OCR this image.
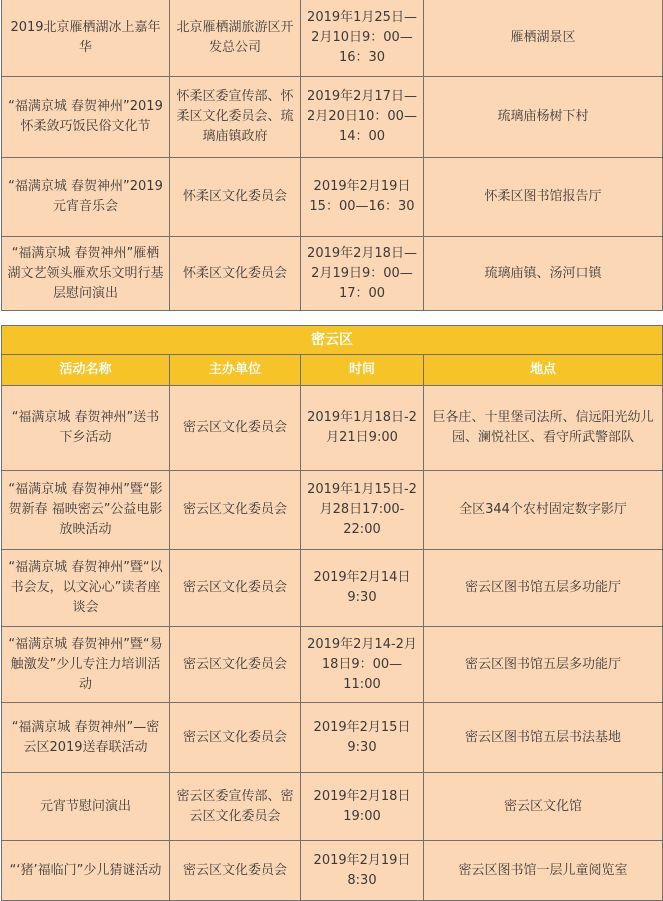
2019北京雁栖湖冰上嘉年华	北京雁栖湖旅游区开发总公司	2019年1月25日—2月10日9：00—16：30	雁栖湖景区
“福满京城 春贺神州”2019怀柔敛巧饭民俗文化节	怀柔区委宣传部、怀柔区文化委员会、琉璃庙镇政府	2019年2月17日—2月20日10：00—14：00	琉璃庙杨树下村
“福满京城 春贺神州”2019元宵音乐会	怀柔区文化委员会	2019年2月19日15：00—16：30	怀柔区图书馆报告厅
“福满京城 春贺神州”雁栖湖文艺领头雁欢乐文明行基层慰问演出	怀柔区文化委员会	2019年2月18日—2月19日9：00—17：00	琉璃庙镇、汤河口镇
密云区			
活动名称	主办单位	时间	地点
“福满京城 春贺神州”送书下乡活动	密云区文化委员会	2019年1月18日-2月21日9:00	巨各庄、十里堡司法所、信远阳光幼儿园、澜悦社区、看守所武警部队
“福满京城 春贺神州”暨“影贺新春 福映密云”公益电影放映活动	密云区文化委员会	2019年1月15日-2月28日17:00-22:00	全区344个农村固定数字影厅
“福满京城 春贺神州”暨“以书会友，以文沁心”读者座谈会	密云区文化委员会	2019年2月14日9:30	密云区图书馆五层多功能厅
“福满京城 春贺神州”暨“易触激发”少儿专注力培训活动	密云区文化委员会	2019年2月14-2月18日9：00—11:00	密云区图书馆五层多功能厅
“福满京城 春贺神州”—密云区2019送春联活动	密云区文化委员会	2019年2月15日9:30	密云区图书馆五层书法基地
元宵节慰问演出	密云区委宣传部、密云区文化委员会	2019年2月18日19:00	密云区文化馆
“‘猪’福临门”少儿猜谜活动	密云区文化委员会	2019年2月19日8:30	密云区图书馆一层儿童阅览室
